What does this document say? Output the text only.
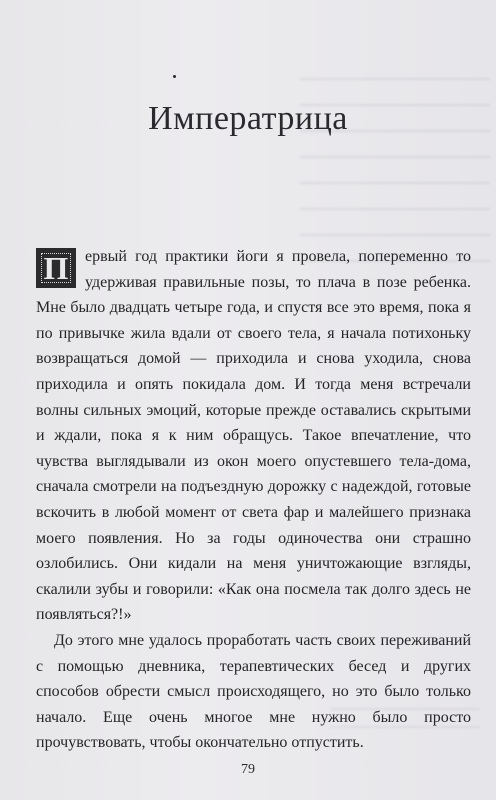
Императрица

П	ервый год практики йоги я провела, попеременно то удерживая правильные позы, то плача в позе ребенка. Мне было двадцать четыре года, и спустя все это время, пока я по привычке жила вдали от своего тела, я начала потихоньку возвращаться домой — приходила и снова уходила, снова приходила и опять покидала дом. И тогда меня встречали волны сильных эмоций, которые прежде оставались скрытыми и ждали, пока я к ним обращусь. Такое впечатление, что чувства выглядывали из окон моего опустевшего тела-дома, сначала смотрели на подъездную дорожку с надеждой, готовые вскочить в любой момент от света фар и малейшего признака моего появления. Но за годы одиночества они страшно озлобились. Они кидали на меня уничтожающие взгляды, скалили зубы и говорили: «Как она посмела так долго здесь не появляться?!»

До этого мне удалось проработать часть своих переживаний с помощью дневника, терапевтических бесед и других способов обрести смысл происходящего, но это было только начало. Еще очень многое мне нужно было просто прочувствовать, чтобы окончательно отпустить.

79
